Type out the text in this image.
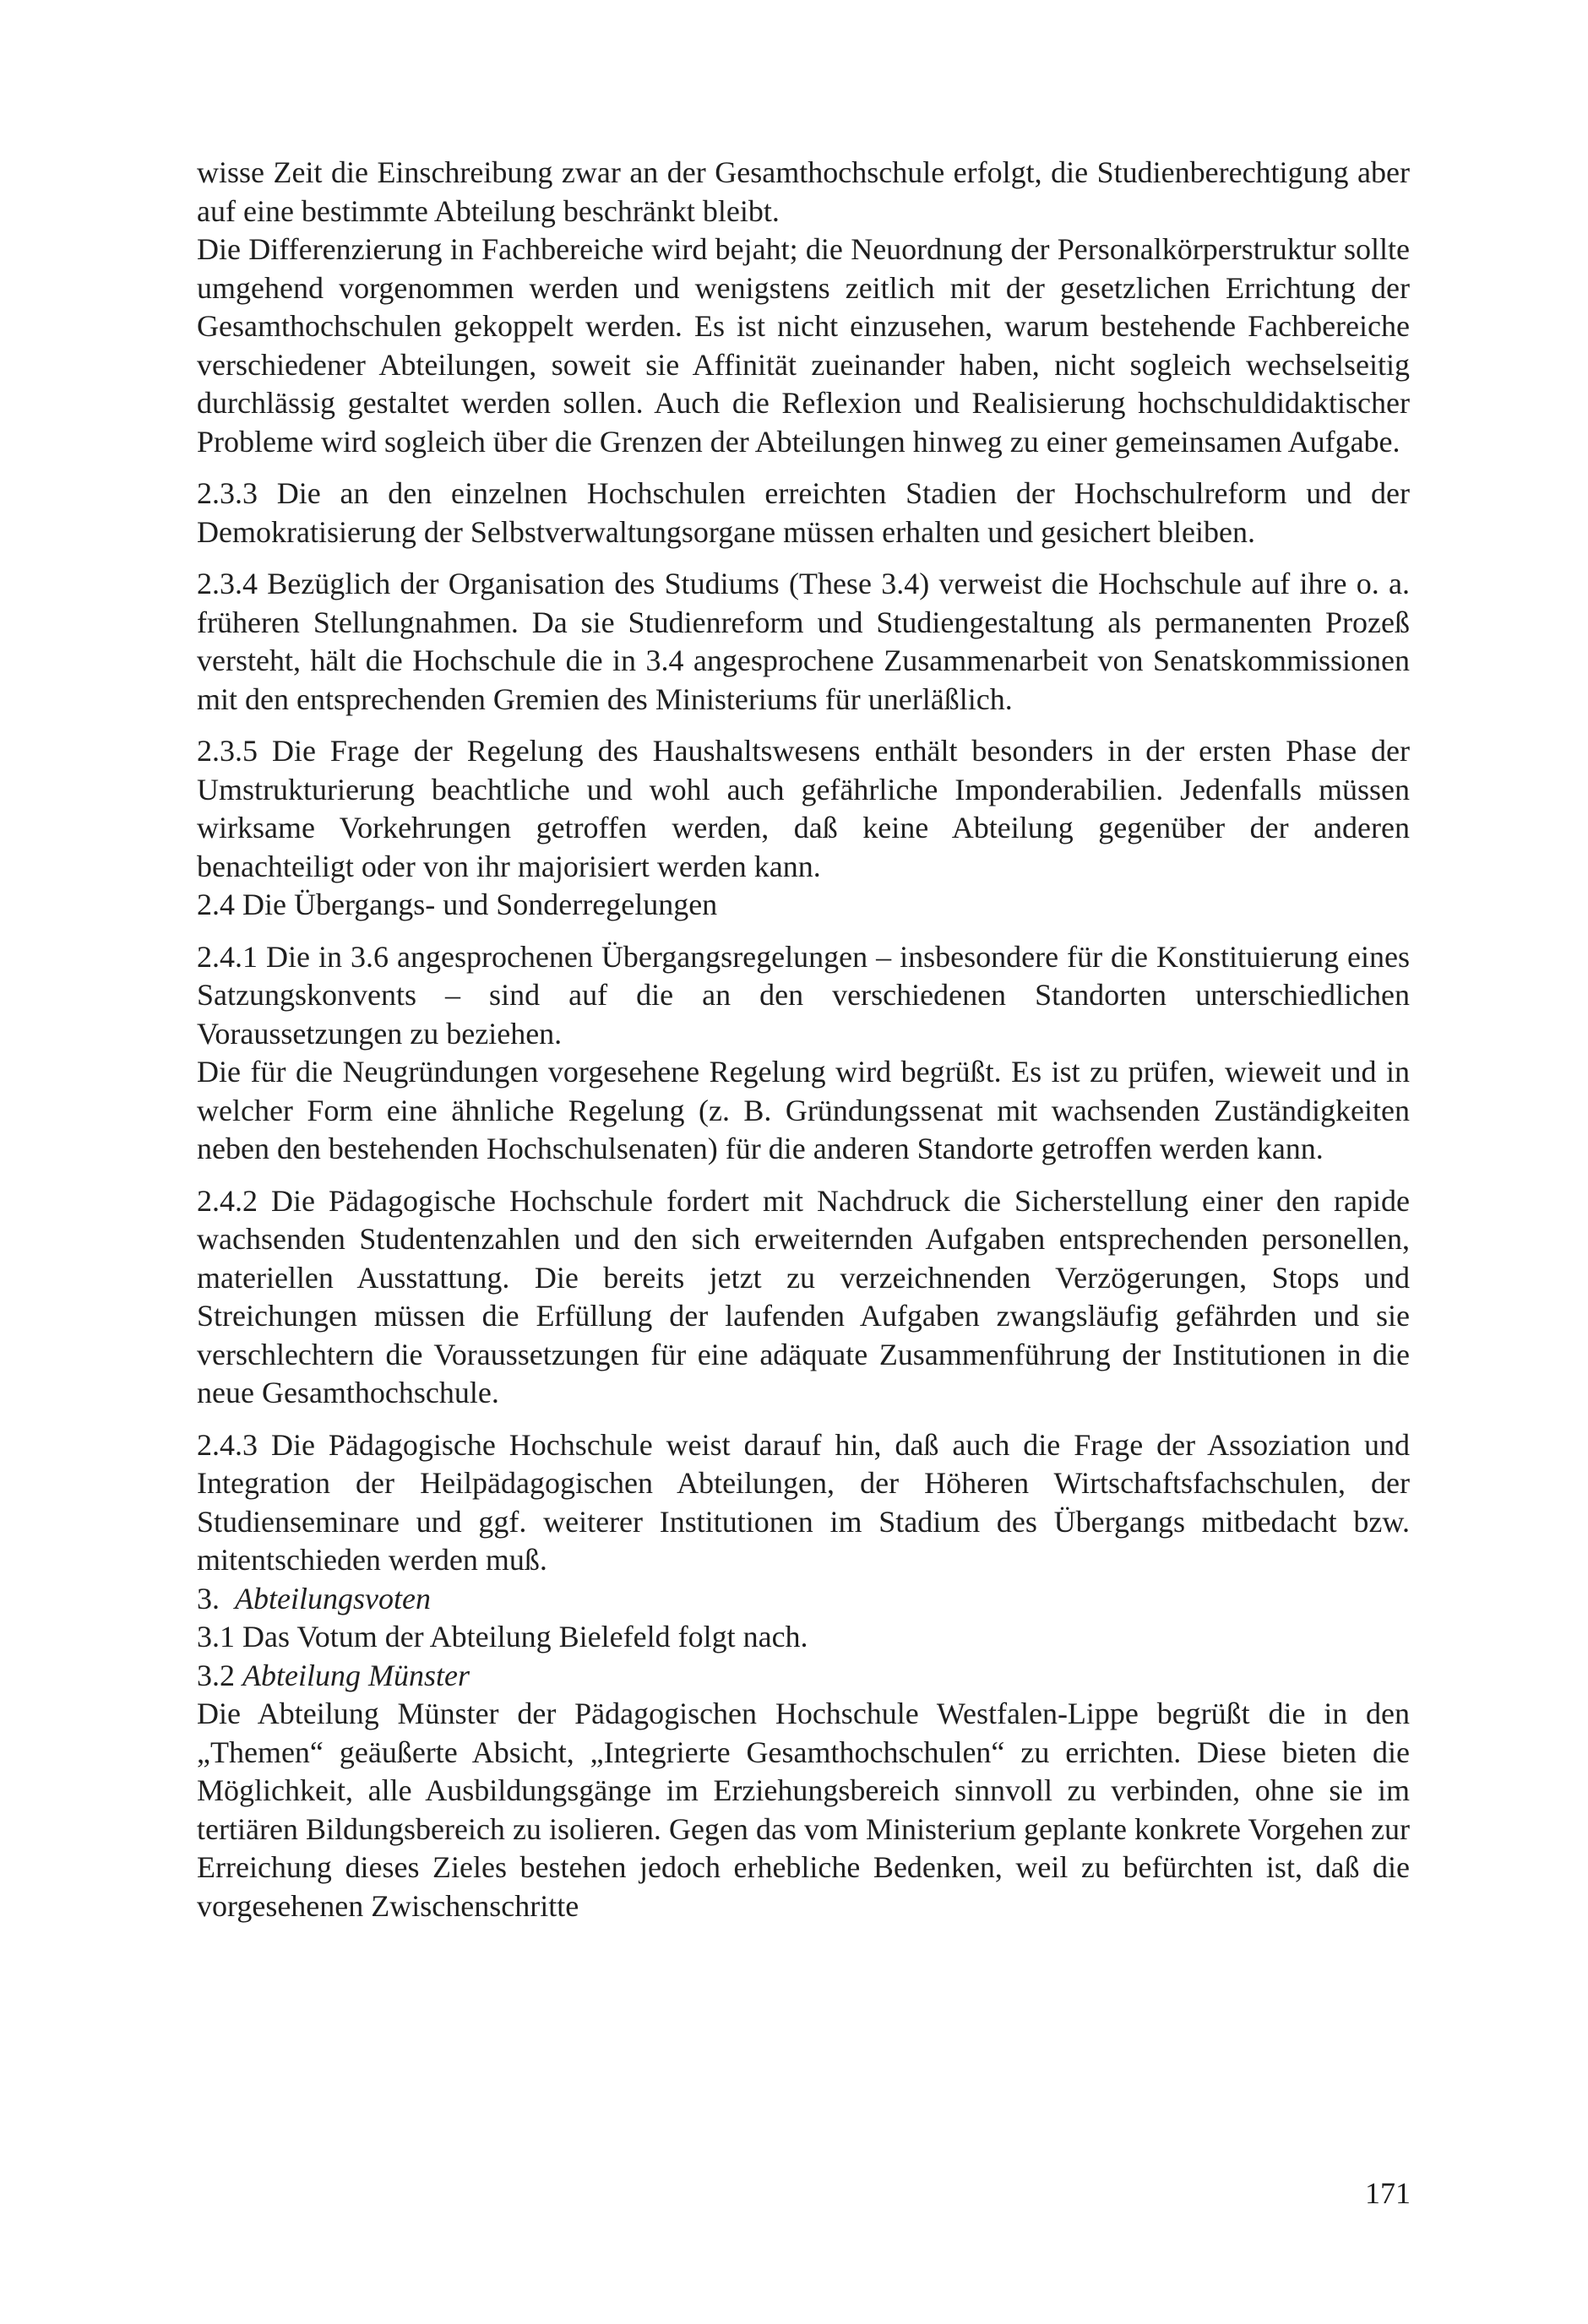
wisse Zeit die Einschreibung zwar an der Gesamthochschule erfolgt, die Studienberechtigung aber auf eine bestimmte Abteilung beschränkt bleibt.

Die Differenzierung in Fachbereiche wird bejaht; die Neuordnung der Personalkörperstruktur sollte umgehend vorgenommen werden und wenigstens zeitlich mit der gesetzlichen Errichtung der Gesamthochschulen gekoppelt werden. Es ist nicht einzusehen, warum bestehende Fachbereiche verschiedener Abteilungen, soweit sie Affinität zueinander haben, nicht sogleich wechselseitig durchlässig gestaltet werden sollen. Auch die Reflexion und Realisierung hochschuldidaktischer Probleme wird sogleich über die Grenzen der Abteilungen hinweg zu einer gemeinsamen Aufgabe.

2.3.3 Die an den einzelnen Hochschulen erreichten Stadien der Hochschulreform und der Demokratisierung der Selbstverwaltungsorgane müssen erhalten und gesichert bleiben.

2.3.4 Bezüglich der Organisation des Studiums (These 3.4) verweist die Hochschule auf ihre o. a. früheren Stellungnahmen. Da sie Studienreform und Studiengestaltung als permanenten Prozeß versteht, hält die Hochschule die in 3.4 angesprochene Zusammenarbeit von Senatskommissionen mit den entsprechenden Gremien des Ministeriums für unerläßlich.

2.3.5 Die Frage der Regelung des Haushaltswesens enthält besonders in der ersten Phase der Umstrukturierung beachtliche und wohl auch gefährliche Imponderabilien. Jedenfalls müssen wirksame Vorkehrungen getroffen werden, daß keine Abteilung gegenüber der anderen benachteiligt oder von ihr majorisiert werden kann.

2.4 Die Übergangs- und Sonderregelungen

2.4.1 Die in 3.6 angesprochenen Übergangsregelungen – insbesondere für die Konstituierung eines Satzungskonvents – sind auf die an den verschiedenen Standorten unterschiedlichen Voraussetzungen zu beziehen.

Die für die Neugründungen vorgesehene Regelung wird begrüßt. Es ist zu prüfen, wieweit und in welcher Form eine ähnliche Regelung (z. B. Gründungssenat mit wachsenden Zuständigkeiten neben den bestehenden Hochschulsenaten) für die anderen Standorte getroffen werden kann.

2.4.2 Die Pädagogische Hochschule fordert mit Nachdruck die Sicherstellung einer den rapide wachsenden Studentenzahlen und den sich erweiternden Aufgaben entsprechenden personellen, materiellen Ausstattung. Die bereits jetzt zu verzeichnenden Verzögerungen, Stops und Streichungen müssen die Erfüllung der laufenden Aufgaben zwangsläufig gefährden und sie verschlechtern die Voraussetzungen für eine adäquate Zusammenführung der Institutionen in die neue Gesamthochschule.

2.4.3 Die Pädagogische Hochschule weist darauf hin, daß auch die Frage der Assoziation und Integration der Heilpädagogischen Abteilungen, der Höheren Wirtschaftsfachschulen, der Studienseminare und ggf. weiterer Institutionen im Stadium des Übergangs mitbedacht bzw. mitentschieden werden muß.

3. Abteilungsvoten

3.1 Das Votum der Abteilung Bielefeld folgt nach.

3.2 Abteilung Münster

Die Abteilung Münster der Pädagogischen Hochschule Westfalen-Lippe begrüßt die in den „Themen“ geäußerte Absicht, „Integrierte Gesamthochschulen“ zu errichten. Diese bieten die Möglichkeit, alle Ausbildungsgänge im Erziehungsbereich sinnvoll zu verbinden, ohne sie im tertiären Bildungsbereich zu isolieren. Gegen das vom Ministerium geplante konkrete Vorgehen zur Erreichung dieses Zieles bestehen jedoch erhebliche Bedenken, weil zu befürchten ist, daß die vorgesehenen Zwischenschritte

171
